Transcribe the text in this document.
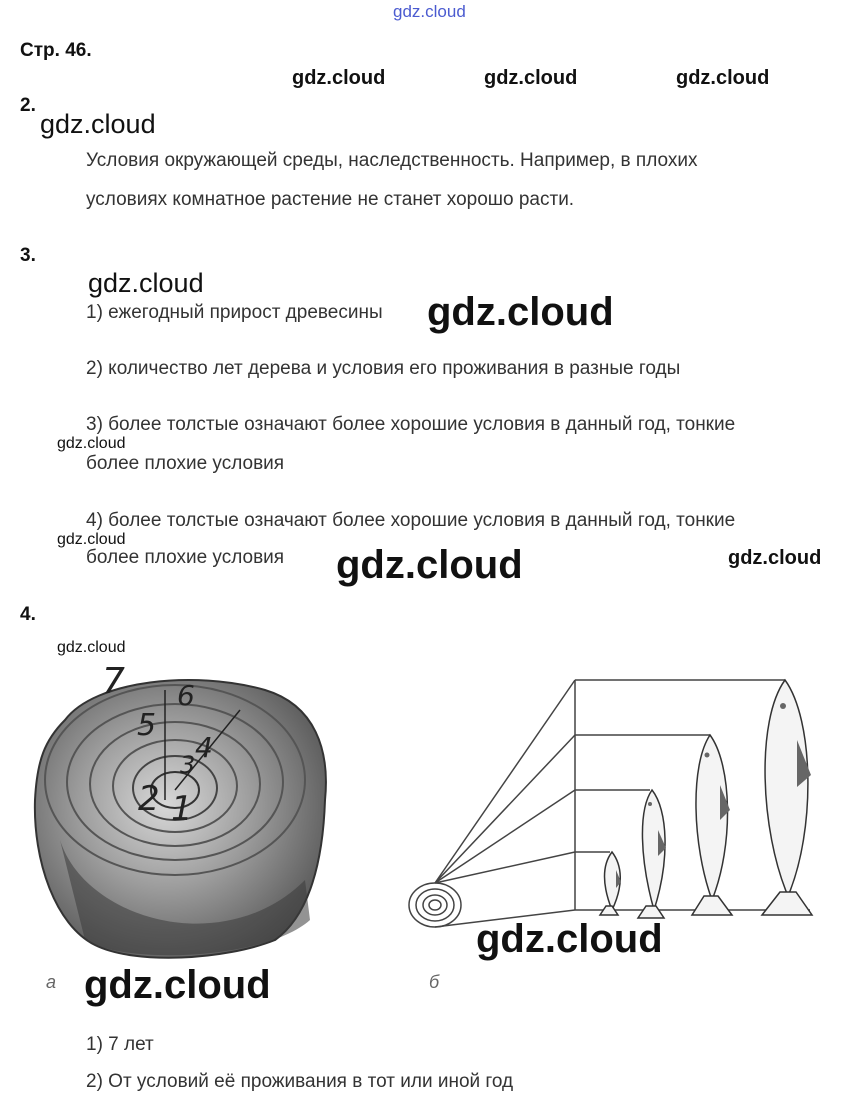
gdz.cloud
Стр. 46.
gdz.cloud	gdz.cloud	gdz.cloud
2.
gdz.cloud
Условия окружающей среды, наследственность. Например, в плохих
условиях комнатное растение не станет хорошо расти.
3.
gdz.cloud
1) ежегодный прирост древесины gdz.cloud
2) количество лет дерева и условия его проживания в разные годы
3) более толстые означают более хорошие условия в данный год, тонкие
gdz.cloud
более плохие условия
4) более толстые означают более хорошие условия в данный год, тонкие
gdz.cloud
более плохие условия gdz.cloud	gdz.cloud
4.
gdz.cloud
7 6
5
4
3
2 1
а gdz.cloud
gdz.cloud
б
1) 7 лет
2) От условий её проживания в тот или иной год
